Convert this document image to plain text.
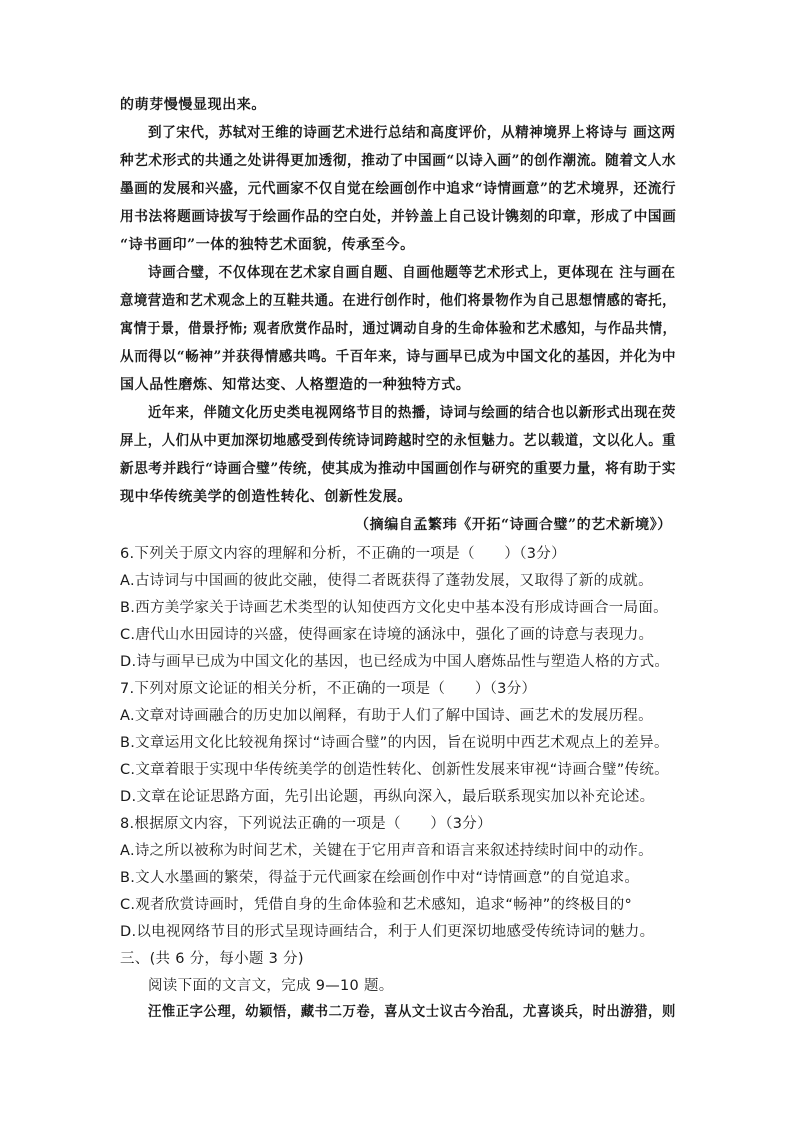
的萌芽慢慢显现出来。
到了宋代，苏轼对王维的诗画艺术进行总结和高度评价，从精神境界上将诗与 画这两
种艺术形式的共通之处讲得更加透彻，推动了中国画“以诗入画”的创作潮流。随着文人水
墨画的发展和兴盛，元代画家不仅自觉在绘画创作中追求“诗情画意”的艺术境界，还流行
用书法将题画诗拔写于绘画作品的空白处，并钤盖上自己设计镌刻的印章，形成了中国画
“诗书画印”一体的独特艺术面貌，传承至今。
诗画合璧，不仅体现在艺术家自画自题、自画他题等艺术形式上，更体现在 注与画在
意境营造和艺术观念上的互鞋共通。在进行创作时，他们将景物作为自己思想情感的寄托，
寓情于景，借景抒怖; 观者欣赏作品时，通过调动自身的生命体验和艺术感知，与作品共情，
从而得以“畅神”并获得情感共鸣。千百年来，诗与画早已成为中国文化的基因，并化为中
国人品性磨炼、知常达变、人格塑造的一种独特方式。
近年来，伴随文化历史类电视网络节目的热播，诗词与绘画的结合也以新形式出现在荧
屏上，人们从中更加深切地感受到传统诗词跨越时空的永恒魅力。艺以载道，文以化人。重
新思考并践行“诗画合璧”传统，使其成为推动中国画创作与研究的重要力量，将有助于实
现中华传统美学的创造性转化、创新性发展。
（摘编自孟繁玮《开拓“诗画合璧”的艺术新境》）
6.下列关于原文内容的理解和分析，不正确的一项是（　　）（3分）
A.古诗词与中国画的彼此交融，使得二者既获得了蓬勃发展，又取得了新的成就。
B.西方美学家关于诗画艺术类型的认知使西方文化史中基本没有形成诗画合一局面。
C.唐代山水田园诗的兴盛，使得画家在诗境的涵泳中，强化了画的诗意与表现力。
D.诗与画早已成为中国文化的基因，也已经成为中国人磨炼品性与塑造人格的方式。
7.下列对原文论证的相关分析，不正确的一项是（　　）（3分）
A.文章对诗画融合的历史加以阐释，有助于人们了解中国诗、画艺术的发展历程。
B.文章运用文化比较视角探讨“诗画合璧”的内因，旨在说明中西艺术观点上的差异。
C.文章着眼于实现中华传统美学的创造性转化、创新性发展来审视“诗画合璧”传统。
D.文章在论证思路方面，先引出论题，再纵向深入，最后联系现实加以补充论述。
8.根据原文内容，下列说法正确的一项是（　　）（3分）
A.诗之所以被称为时间艺术，关键在于它用声音和语言来叙述持续时间中的动作。
B.文人水墨画的繁荣，得益于元代画家在绘画创作中对“诗情画意”的自觉追求。
C.观者欣赏诗画时，凭借自身的生命体验和艺术感知，追求“畅神”的终极目的°
D.以电视网络节目的形式呈现诗画结合，利于人们更深切地感受传统诗词的魅力。
三、(共 6 分，每小题 3 分)
阅读下面的文言文，完成 9—10 题。
汪惟正字公理，幼颖悟，藏书二万卷，喜从文士议古今治乱，尤喜谈兵，时出游猎，则
